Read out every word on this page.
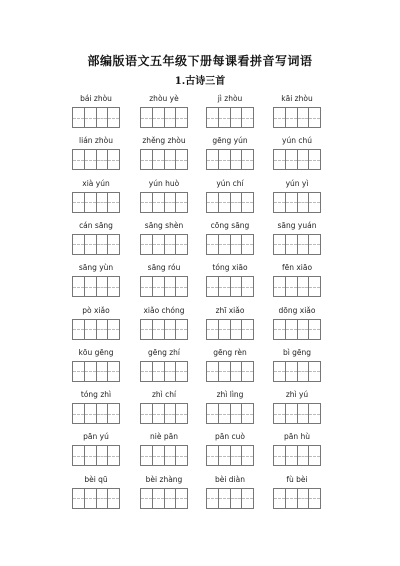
部编版语文五年级下册每课看拼音写词语
1.古诗三首
bái zhòu	zhòu yè	jì zhòu	kāi zhòu
lián zhòu	zhěng zhòu	gēng yún	yún chú
xià yún	yún huò	yún chí	yún yì
cán sāng	sāng shèn	cōng sāng	sāng yuán
sāng yùn	sāng róu	tóng xiāo	fēn xiāo
pò xiǎo	xiǎo chóng	zhī xiǎo	dōng xiǎo
kōu gēng	gēng zhí	gēng rèn	bì gēng
tóng zhì	zhì chí	zhì lìng	zhì yú
pān yú	niè pān	pān cuò	pān hù
bèi qū	bèi zhàng	bèi diàn	fù bèi
